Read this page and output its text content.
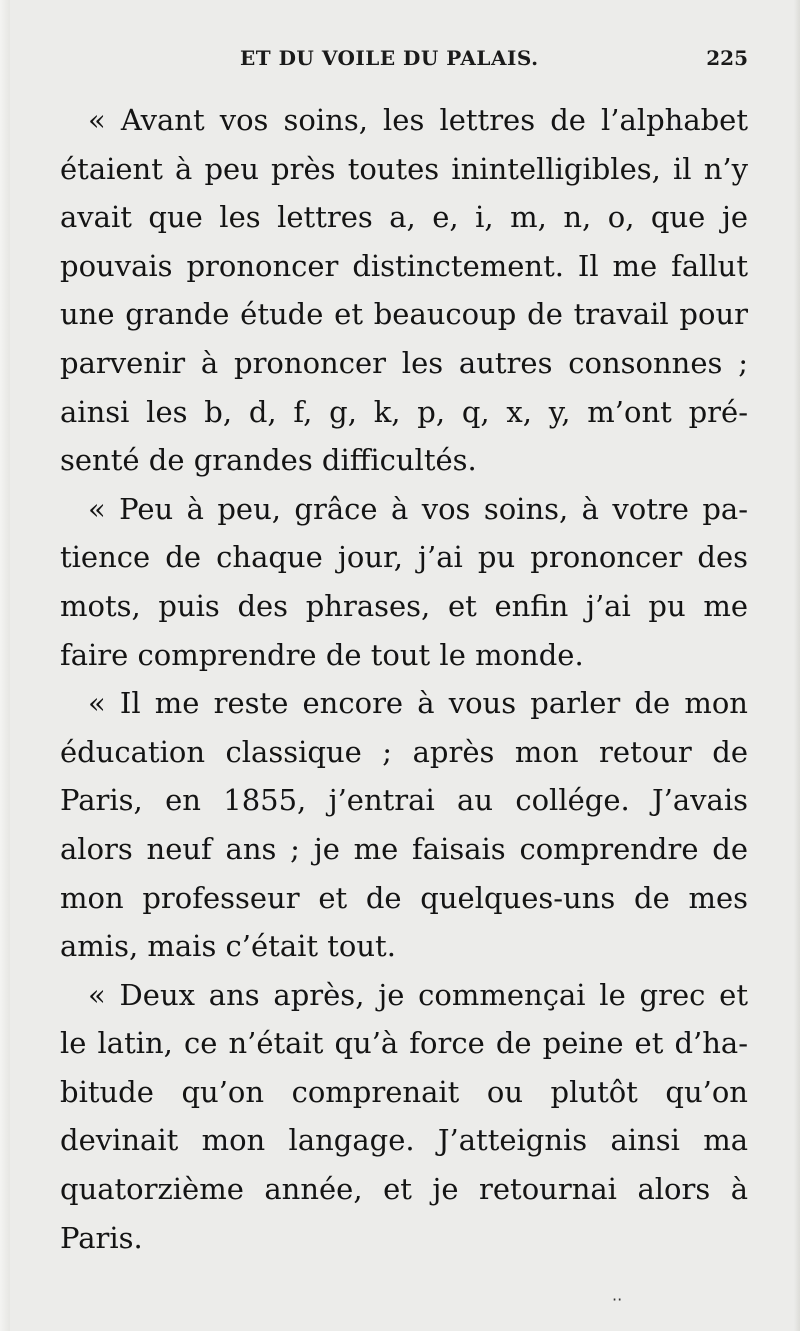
ET DU VOILE DU PALAIS.	225
« Avant vos soins, les lettres de l’alphabet
étaient à peu près toutes inintelligibles, il n’y
avait que les lettres a, e, i, m, n, o, que je
pouvais prononcer distinctement. Il me fallut
une grande étude et beaucoup de travail pour
parvenir à prononcer les autres consonnes ;
ainsi les b, d, f, g, k, p, q, x, y, m’ont pré-
senté de grandes difficultés.
« Peu à peu, grâce à vos soins, à votre pa-
tience de chaque jour, j’ai pu prononcer des
mots, puis des phrases, et enfin j’ai pu me
faire comprendre de tout le monde.
« Il me reste encore à vous parler de mon
éducation classique ; après mon retour de
Paris, en 1855, j’entrai au collége. J’avais
alors neuf ans ; je me faisais comprendre de
mon professeur et de quelques-uns de mes
amis, mais c’était tout.
« Deux ans après, je commençai le grec et
le latin, ce n’était qu’à force de peine et d’ha-
bitude qu’on comprenait ou plutôt qu’on
devinait mon langage. J’atteignis ainsi ma
quatorzième année, et je retournai alors à
Paris.
··
